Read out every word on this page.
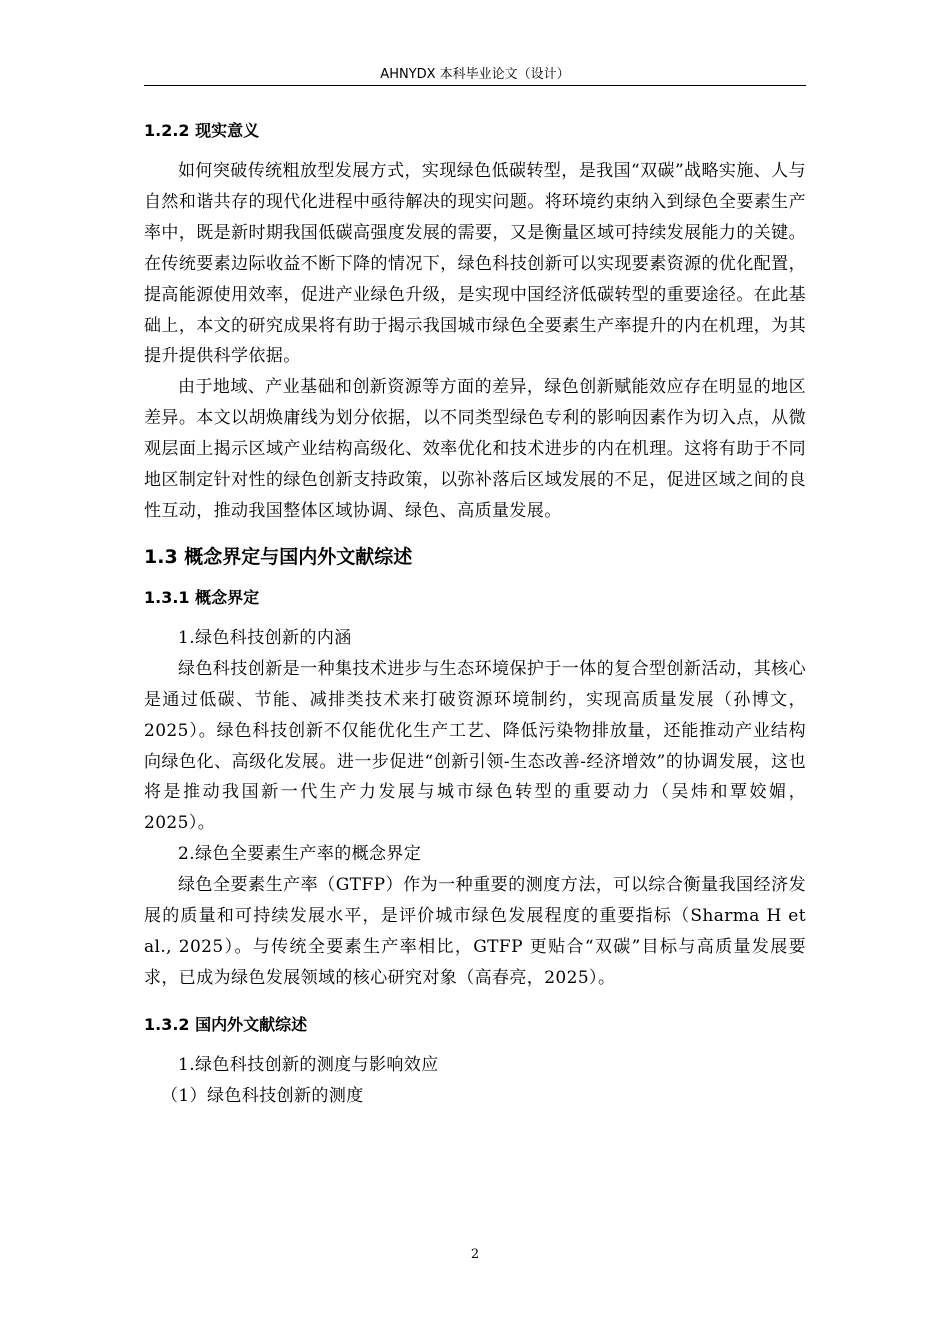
AHNYDX 本科毕业论文（设计）
1.2.2 现实意义

如何突破传统粗放型发展方式，实现绿色低碳转型，是我国“双碳”战略实施、人与自然和谐共存的现代化进程中亟待解决的现实问题。将环境约束纳入到绿色全要素生产率中，既是新时期我国低碳高强度发展的需要，又是衡量区域可持续发展能力的关键。在传统要素边际收益不断下降的情况下，绿色科技创新可以实现要素资源的优化配置，提高能源使用效率，促进产业绿色升级，是实现中国经济低碳转型的重要途径。在此基础上，本文的研究成果将有助于揭示我国城市绿色全要素生产率提升的内在机理，为其提升提供科学依据。

由于地域、产业基础和创新资源等方面的差异，绿色创新赋能效应存在明显的地区差异。本文以胡焕庸线为划分依据，以不同类型绿色专利的影响因素作为切入点，从微观层面上揭示区域产业结构高级化、效率优化和技术进步的内在机理。这将有助于不同地区制定针对性的绿色创新支持政策，以弥补落后区域发展的不足，促进区域之间的良性互动，推动我国整体区域协调、绿色、高质量发展。

1.3 概念界定与国内外文献综述
1.3.1 概念界定

1.绿色科技创新的内涵

绿色科技创新是一种集技术进步与生态环境保护于一体的复合型创新活动，其核心是通过低碳、节能、减排类技术来打破资源环境制约，实现高质量发展（孙博文，2025）。绿色科技创新不仅能优化生产工艺、降低污染物排放量，还能推动产业结构向绿色化、高级化发展。进一步促进“创新引领-生态改善-经济增效”的协调发展，这也将是推动我国新一代生产力发展与城市绿色转型的重要动力（吴炜和覃姣媚，2025）。

2.绿色全要素生产率的概念界定

绿色全要素生产率（GTFP）作为一种重要的测度方法，可以综合衡量我国经济发展的质量和可持续发展水平，是评价城市绿色发展程度的重要指标（Sharma H et al., 2025）。与传统全要素生产率相比，GTFP 更贴合“双碳”目标与高质量发展要求，已成为绿色发展领域的核心研究对象（高春亮，2025）。

1.3.2 国内外文献综述

1.绿色科技创新的测度与影响效应

（1）绿色科技创新的测度

2
